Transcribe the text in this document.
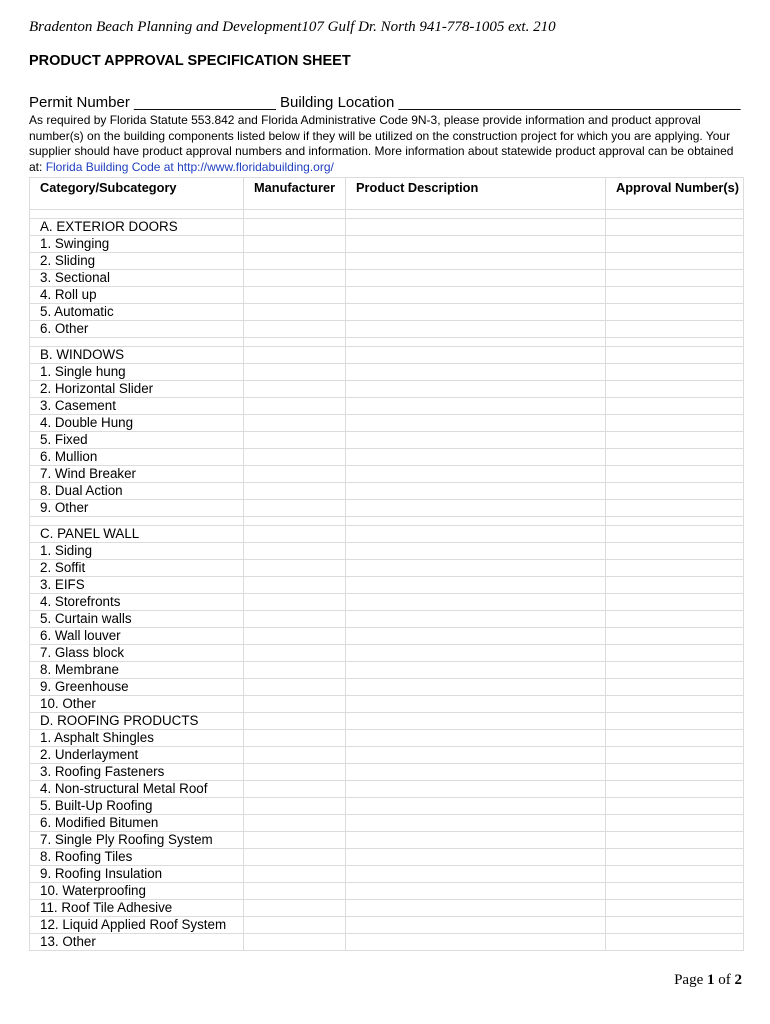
Bradenton Beach Planning and Development107 Gulf Dr. North 941-778-1005 ext. 210
PRODUCT APPROVAL SPECIFICATION SHEET
Permit Number _________________ Building Location _________________________________________
As required by Florida Statute 553.842 and Florida Administrative Code 9N-3, please provide information and product approval number(s) on the building components listed below if they will be utilized on the construction project for which you are applying. Your supplier should have product approval numbers and information. More information about statewide product approval can be obtained at: Florida Building Code at http://www.floridabuilding.org/
Category/Subcategory	Manufacturer	Product Description	Approval Number(s)

A. EXTERIOR DOORS			
1. Swinging			
2. Sliding			
3. Sectional			
4. Roll up			
5. Automatic			
6. Other			

B. WINDOWS			
1. Single hung			
2. Horizontal Slider			
3. Casement			
4. Double Hung			
5. Fixed			
6. Mullion			
7. Wind Breaker			
8. Dual Action			
9. Other			

C. PANEL WALL			
1. Siding			
2. Soffit			
3. EIFS			
4. Storefronts			
5. Curtain walls			
6. Wall louver			
7. Glass block			
8. Membrane			
9. Greenhouse			
10. Other			
D. ROOFING PRODUCTS			
1. Asphalt Shingles			
2. Underlayment			
3. Roofing Fasteners			
4. Non-structural Metal Roof			
5. Built-Up Roofing			
6. Modified Bitumen			
7. Single Ply Roofing System			
8. Roofing Tiles			
9. Roofing Insulation			
10. Waterproofing			
11. Roof Tile Adhesive			
12. Liquid Applied Roof System			
13. Other			
Page 1 of 2
